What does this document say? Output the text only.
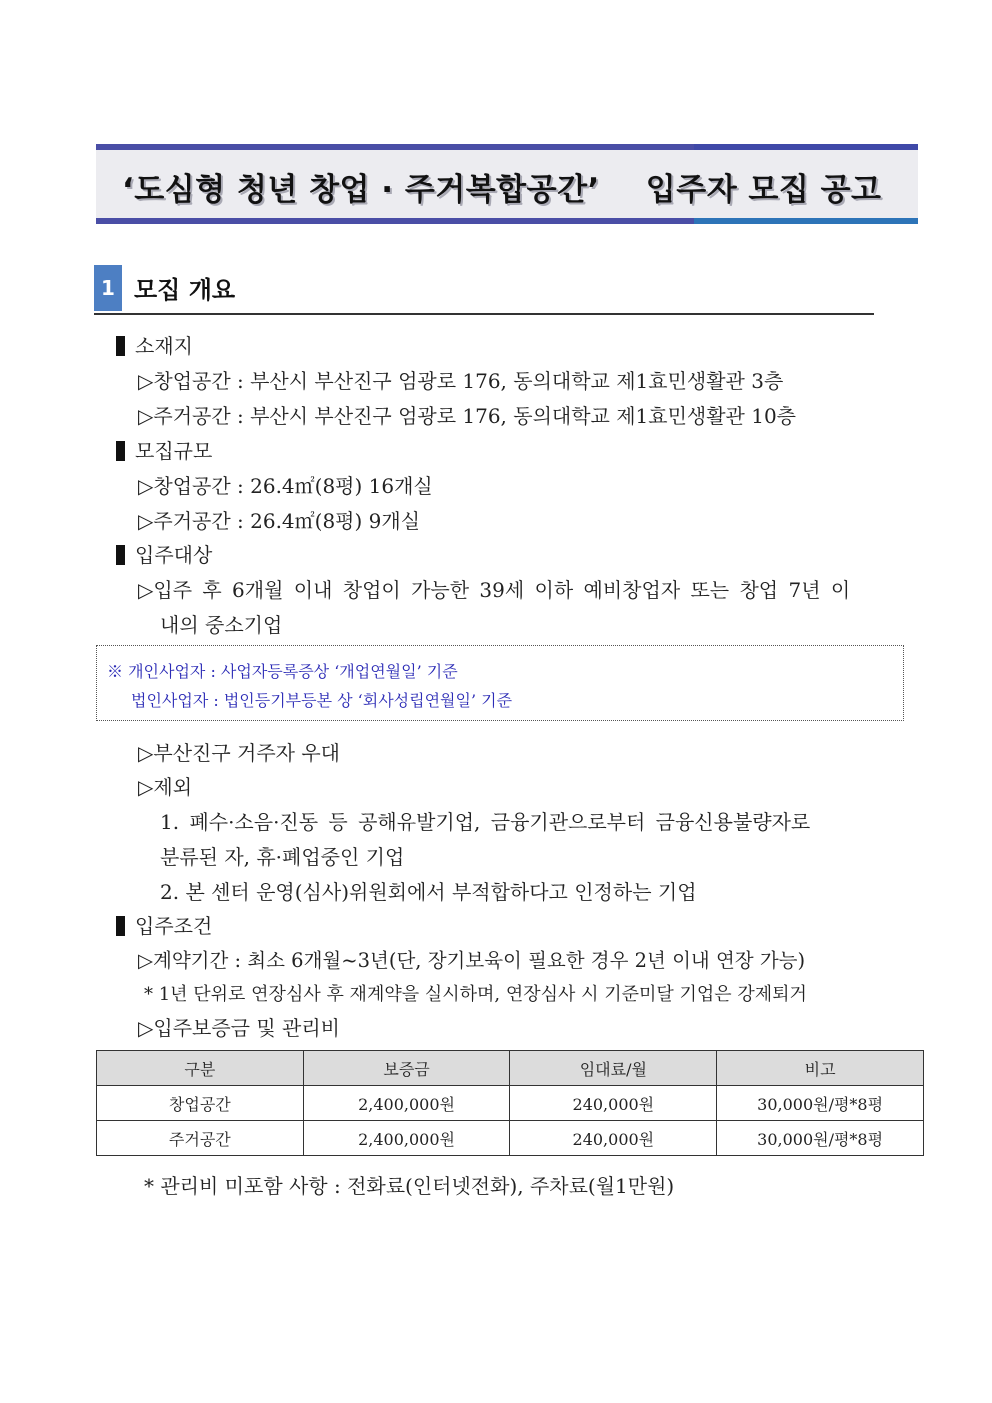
‘도심형 청년 창업 · 주거복합공간’ 입주자 모집 공고
1 모집 개요
소재지
▷창업공간 : 부산시 부산진구 엄광로 176, 동의대학교 제1효민생활관 3층
▷주거공간 : 부산시 부산진구 엄광로 176, 동의대학교 제1효민생활관 10층
모집규모
▷창업공간 : 26.4㎡(8평) 16개실
▷주거공간 : 26.4㎡(8평) 9개실
입주대상
▷입주 후 6개월 이내 창업이 가능한 39세 이하 예비창업자 또는 창업 7년 이
내의 중소기업
※ 개인사업자 : 사업자등록증상 ‘개업연월일’ 기준
법인사업자 : 법인등기부등본 상 ‘회사성립연월일’ 기준
▷부산진구 거주자 우대
▷제외
1. 폐수·소음·진동 등 공해유발기업, 금융기관으로부터 금융신용불량자로
분류된 자, 휴·폐업중인 기업
2. 본 센터 운영(심사)위원회에서 부적합하다고 인정하는 기업
입주조건
▷계약기간 : 최소 6개월~3년(단, 장기보육이 필요한 경우 2년 이내 연장 가능)
* 1년 단위로 연장심사 후 재계약을 실시하며, 연장심사 시 기준미달 기업은 강제퇴거
▷입주보증금 및 관리비
구분	보증금	임대료/월	비고
창업공간	2,400,000원	240,000원	30,000원/평*8평
주거공간	2,400,000원	240,000원	30,000원/평*8평
* 관리비 미포함 사항 : 전화료(인터넷전화), 주차료(월1만원)
